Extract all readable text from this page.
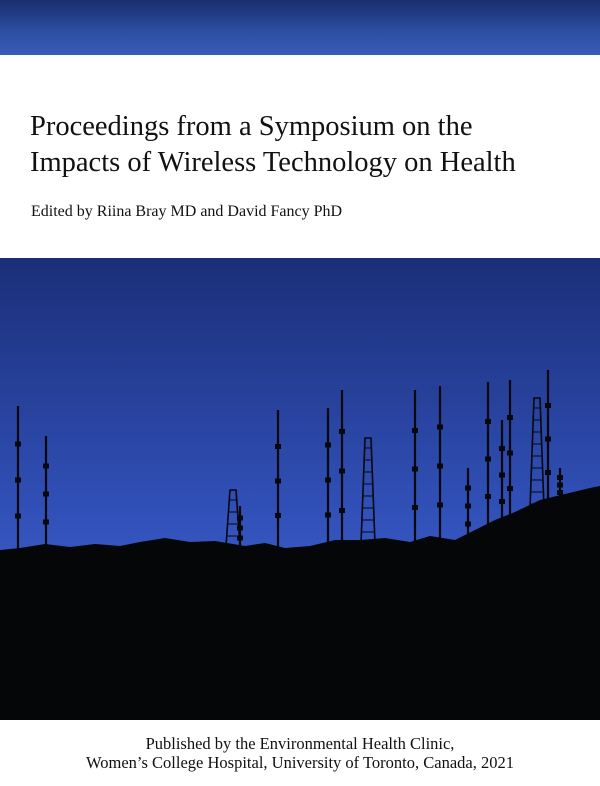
Proceedings from a Symposium on the
Impacts of Wireless Technology on Health
Edited by Riina Bray MD and David Fancy PhD
Published by the Environmental Health Clinic,
Women’s College Hospital, University of Toronto, Canada, 2021
